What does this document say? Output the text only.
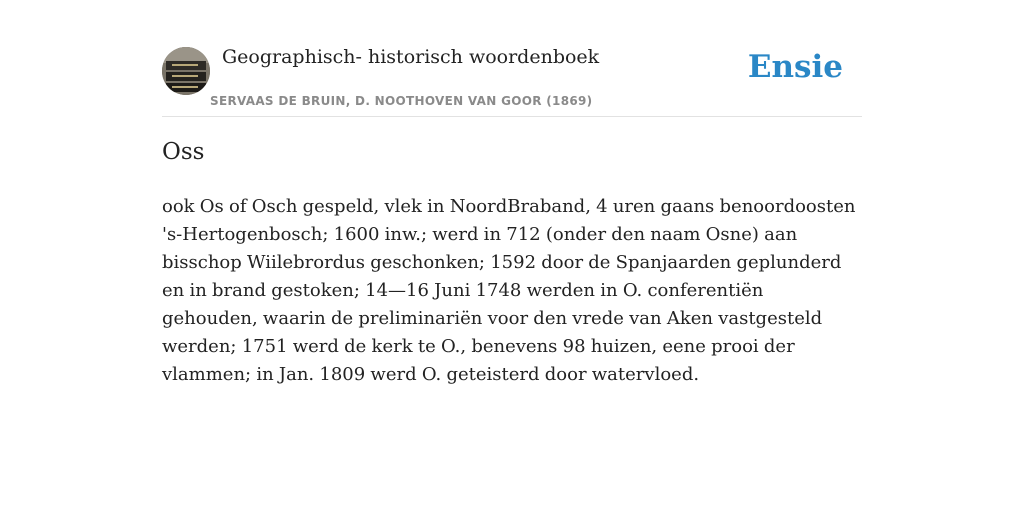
Geographisch- historisch woordenboek
SERVAAS DE BRUIN, D. NOOTHOVEN VAN GOOR (1869)
Ensie
Oss

ook Os of Osch gespeld, vlek in NoordBraband, 4 uren gaans benoordoosten 's-Hertogenbosch; 1600 inw.; werd in 712 (onder den naam Osne) aan bisschop Wiilebrordus geschonken; 1592 door de Spanjaarden geplunderd en in brand gestoken; 14—16 Juni 1748 werden in O. conferentiën gehouden, waarin de preliminariën voor den vrede van Aken vastgesteld werden; 1751 werd de kerk te O., benevens 98 huizen, eene prooi der vlammen; in Jan. 1809 werd O. geteisterd door watervloed.
